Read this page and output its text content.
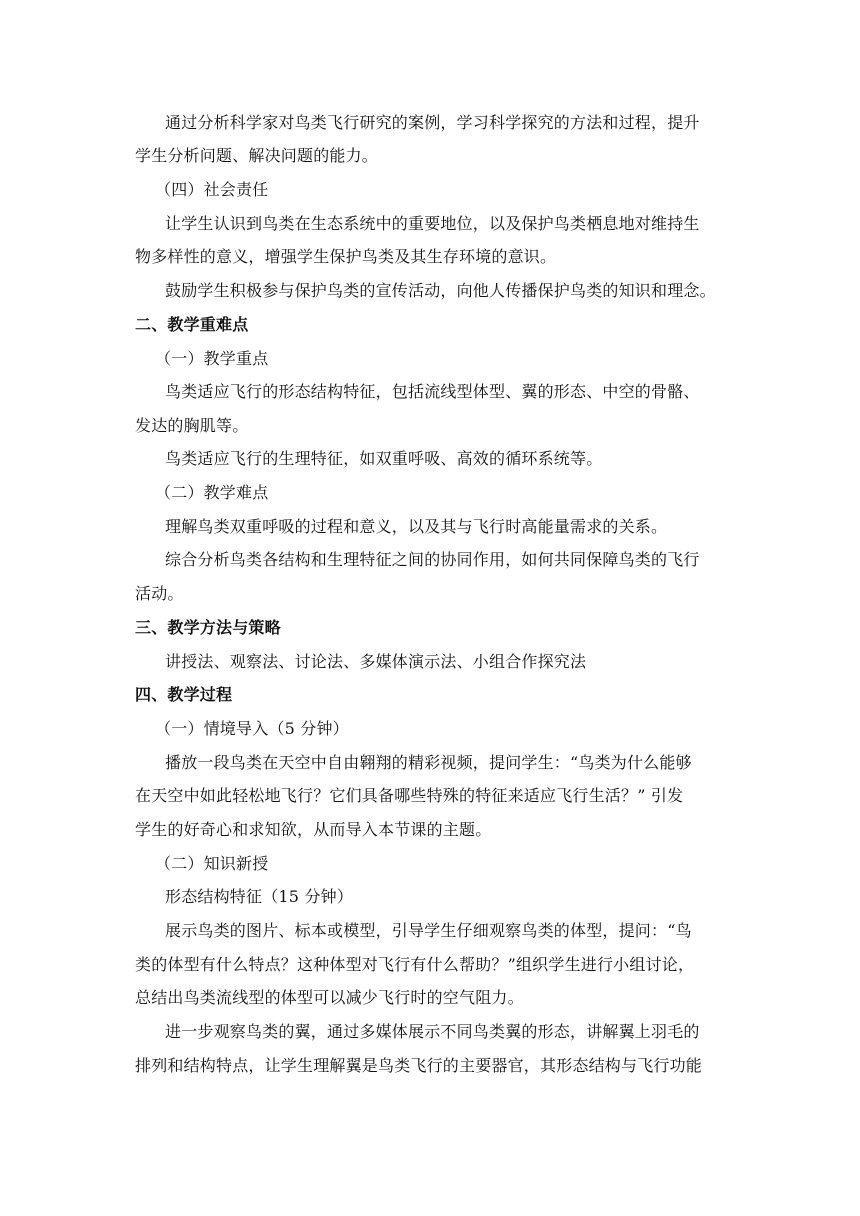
通过分析科学家对鸟类飞行研究的案例，学习科学探究的方法和过程，提升
学生分析问题、解决问题的能力。
（四）社会责任
让学生认识到鸟类在生态系统中的重要地位，以及保护鸟类栖息地对维持生
物多样性的意义，增强学生保护鸟类及其生存环境的意识。
鼓励学生积极参与保护鸟类的宣传活动，向他人传播保护鸟类的知识和理念。
二、教学重难点
（一）教学重点
鸟类适应飞行的形态结构特征，包括流线型体型、翼的形态、中空的骨骼、
发达的胸肌等。
鸟类适应飞行的生理特征，如双重呼吸、高效的循环系统等。
（二）教学难点
理解鸟类双重呼吸的过程和意义，以及其与飞行时高能量需求的关系。
综合分析鸟类各结构和生理特征之间的协同作用，如何共同保障鸟类的飞行
活动。
三、教学方法与策略
讲授法、观察法、讨论法、多媒体演示法、小组合作探究法
四、教学过程
（一）情境导入（5 分钟）
播放一段鸟类在天空中自由翱翔的精彩视频，提问学生：“鸟类为什么能够
在天空中如此轻松地飞行？它们具备哪些特殊的特征来适应飞行生活？” 引发
学生的好奇心和求知欲，从而导入本节课的主题。
（二）知识新授
形态结构特征（15 分钟）
展示鸟类的图片、标本或模型，引导学生仔细观察鸟类的体型，提问：“鸟
类的体型有什么特点？这种体型对飞行有什么帮助？”组织学生进行小组讨论，
总结出鸟类流线型的体型可以减少飞行时的空气阻力。
进一步观察鸟类的翼，通过多媒体展示不同鸟类翼的形态，讲解翼上羽毛的
排列和结构特点，让学生理解翼是鸟类飞行的主要器官，其形态结构与飞行功能
